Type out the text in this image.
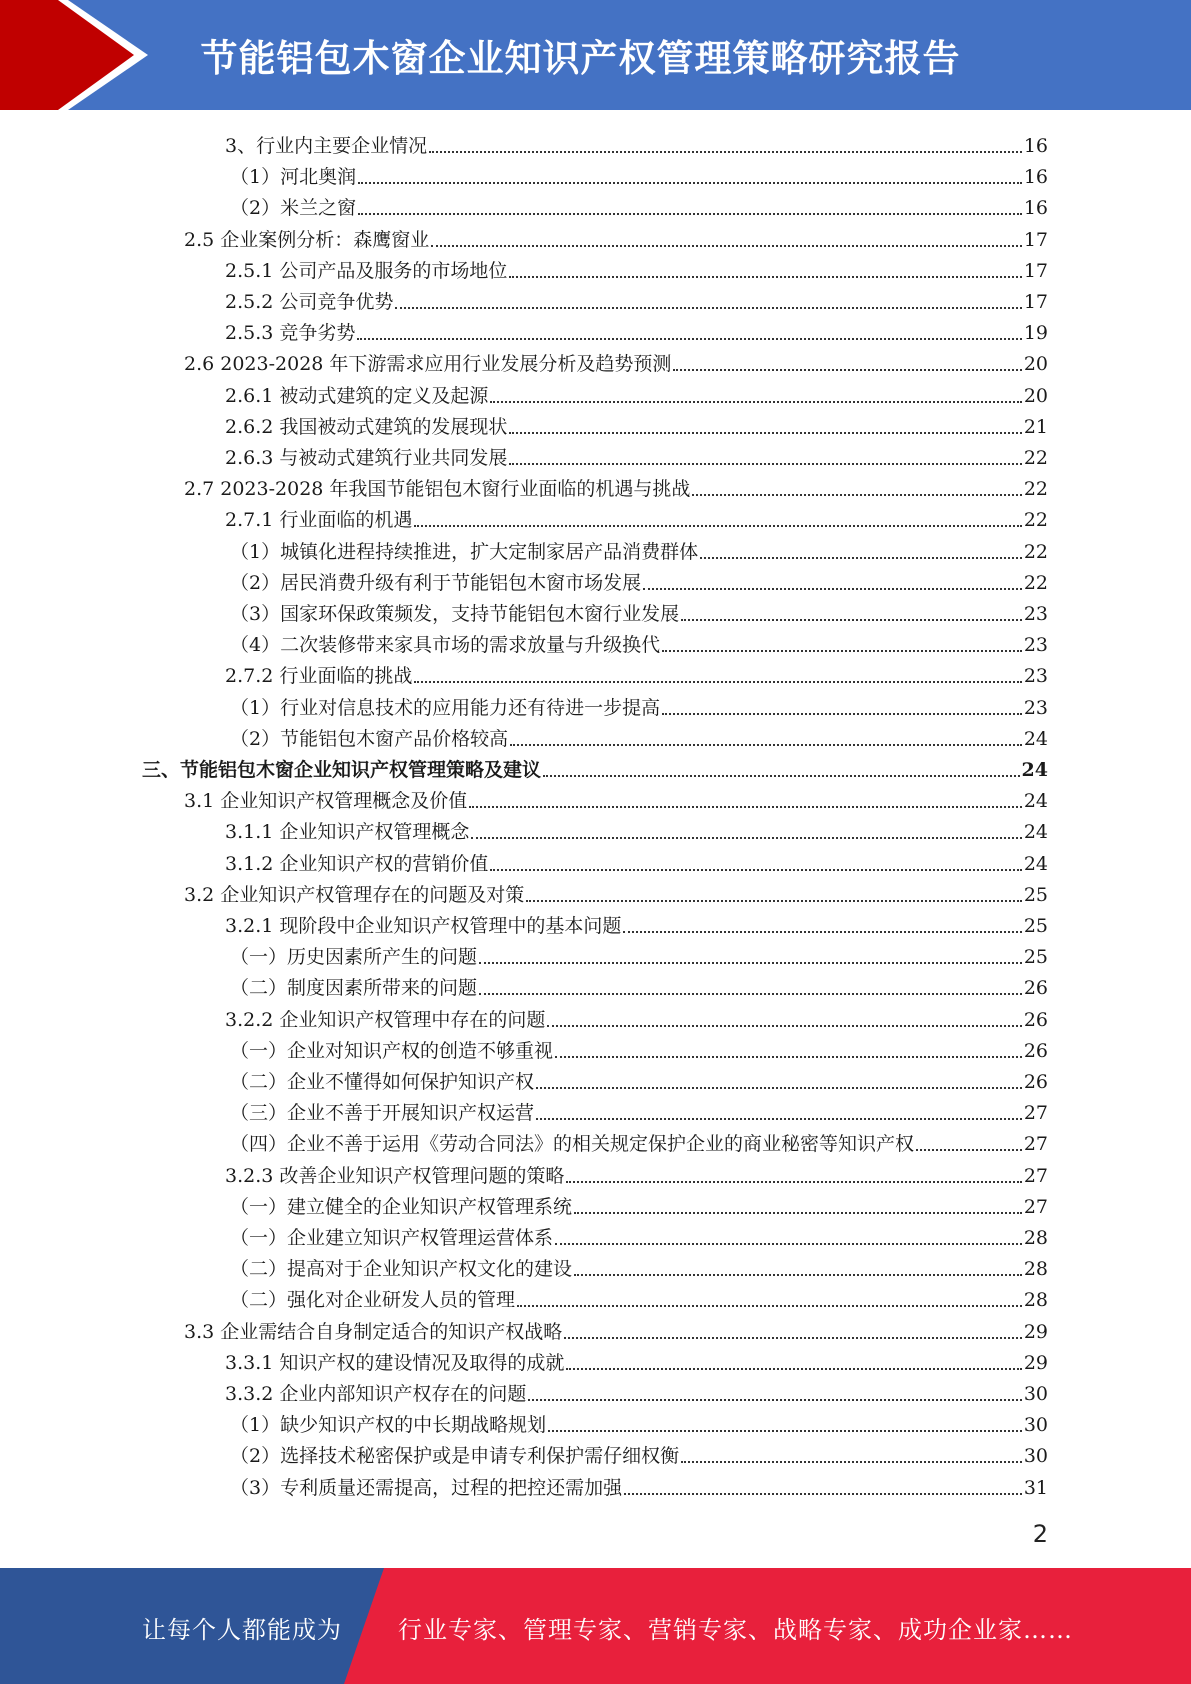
节能铝包木窗企业知识产权管理策略研究报告
3、行业内主要企业情况	16
（1）河北奥润	16
（2）米兰之窗	16
2.5 企业案例分析：森鹰窗业	17
2.5.1 公司产品及服务的市场地位	17
2.5.2 公司竞争优势	17
2.5.3 竞争劣势	19
2.6 2023-2028 年下游需求应用行业发展分析及趋势预测	20
2.6.1 被动式建筑的定义及起源	20
2.6.2 我国被动式建筑的发展现状	21
2.6.3 与被动式建筑行业共同发展	22
2.7 2023-2028 年我国节能铝包木窗行业面临的机遇与挑战	22
2.7.1 行业面临的机遇	22
（1）城镇化进程持续推进，扩大定制家居产品消费群体	22
（2）居民消费升级有利于节能铝包木窗市场发展	22
（3）国家环保政策频发，支持节能铝包木窗行业发展	23
（4）二次装修带来家具市场的需求放量与升级换代	23
2.7.2 行业面临的挑战	23
（1）行业对信息技术的应用能力还有待进一步提高	23
（2）节能铝包木窗产品价格较高	24
三、节能铝包木窗企业知识产权管理策略及建议	24
3.1 企业知识产权管理概念及价值	24
3.1.1 企业知识产权管理概念	24
3.1.2 企业知识产权的营销价值	24
3.2 企业知识产权管理存在的问题及对策	25
3.2.1 现阶段中企业知识产权管理中的基本问题	25
（一）历史因素所产生的问题	25
（二）制度因素所带来的问题	26
3.2.2 企业知识产权管理中存在的问题	26
（一）企业对知识产权的创造不够重视	26
（二）企业不懂得如何保护知识产权	26
（三）企业不善于开展知识产权运营	27
（四）企业不善于运用《劳动合同法》的相关规定保护企业的商业秘密等知识产权	27
3.2.3 改善企业知识产权管理问题的策略	27
（一）建立健全的企业知识产权管理系统	27
（一）企业建立知识产权管理运营体系	28
（二）提高对于企业知识产权文化的建设	28
（二）强化对企业研发人员的管理	28
3.3 企业需结合自身制定适合的知识产权战略	29
3.3.1 知识产权的建设情况及取得的成就	29
3.3.2 企业内部知识产权存在的问题	30
（1）缺少知识产权的中长期战略规划	30
（2）选择技术秘密保护或是申请专利保护需仔细权衡	30
（3）专利质量还需提高，过程的把控还需加强	31
2
让每个人都能成为 行业专家、管理专家、营销专家、战略专家、成功企业家……
